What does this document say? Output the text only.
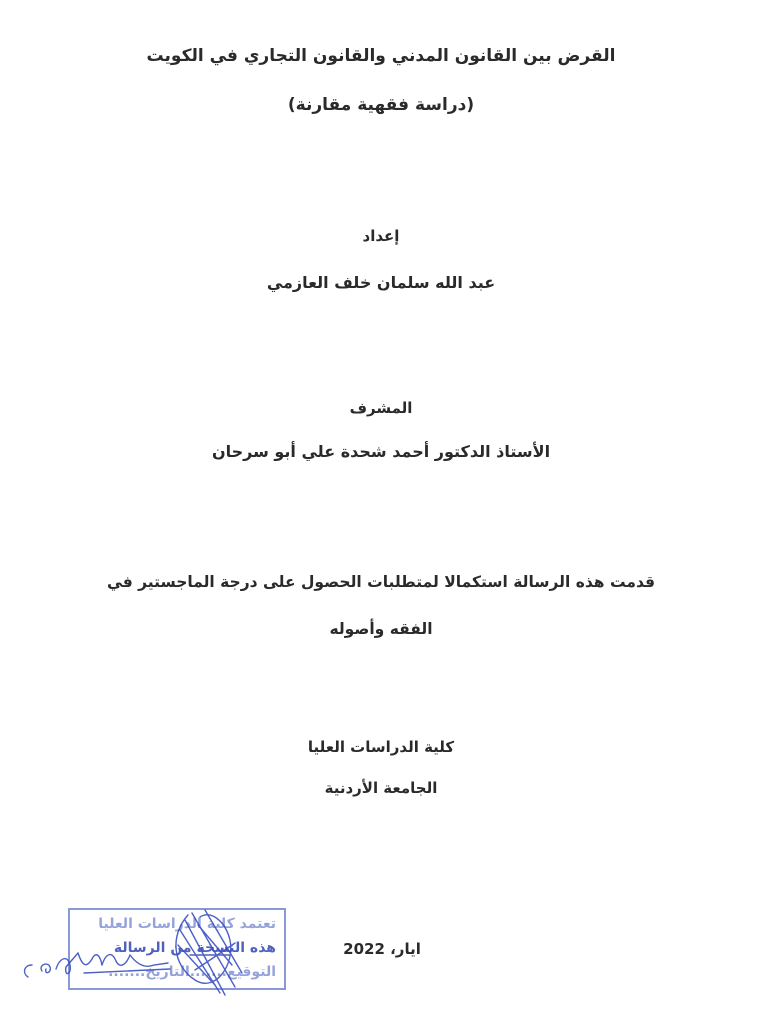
القرض بين القانون المدني والقانون التجاري في الكويت
(دراسة فقهية مقارنة)
إعداد
عبد الله سلمان خلف العازمي
المشرف
الأستاذ الدكتور أحمد شحدة علي أبو سرحان
قدمت هذه الرسالة استكمالا لمتطلبات الحصول على درجة الماجستير في
الفقه وأصوله
كلية الدراسات العليا
الجامعة الأردنية
ايار، 2022
تعتمد كلية الدراسات العليا
هذه النسخة من الرسالة
التوقيع.......التاريخ.......
